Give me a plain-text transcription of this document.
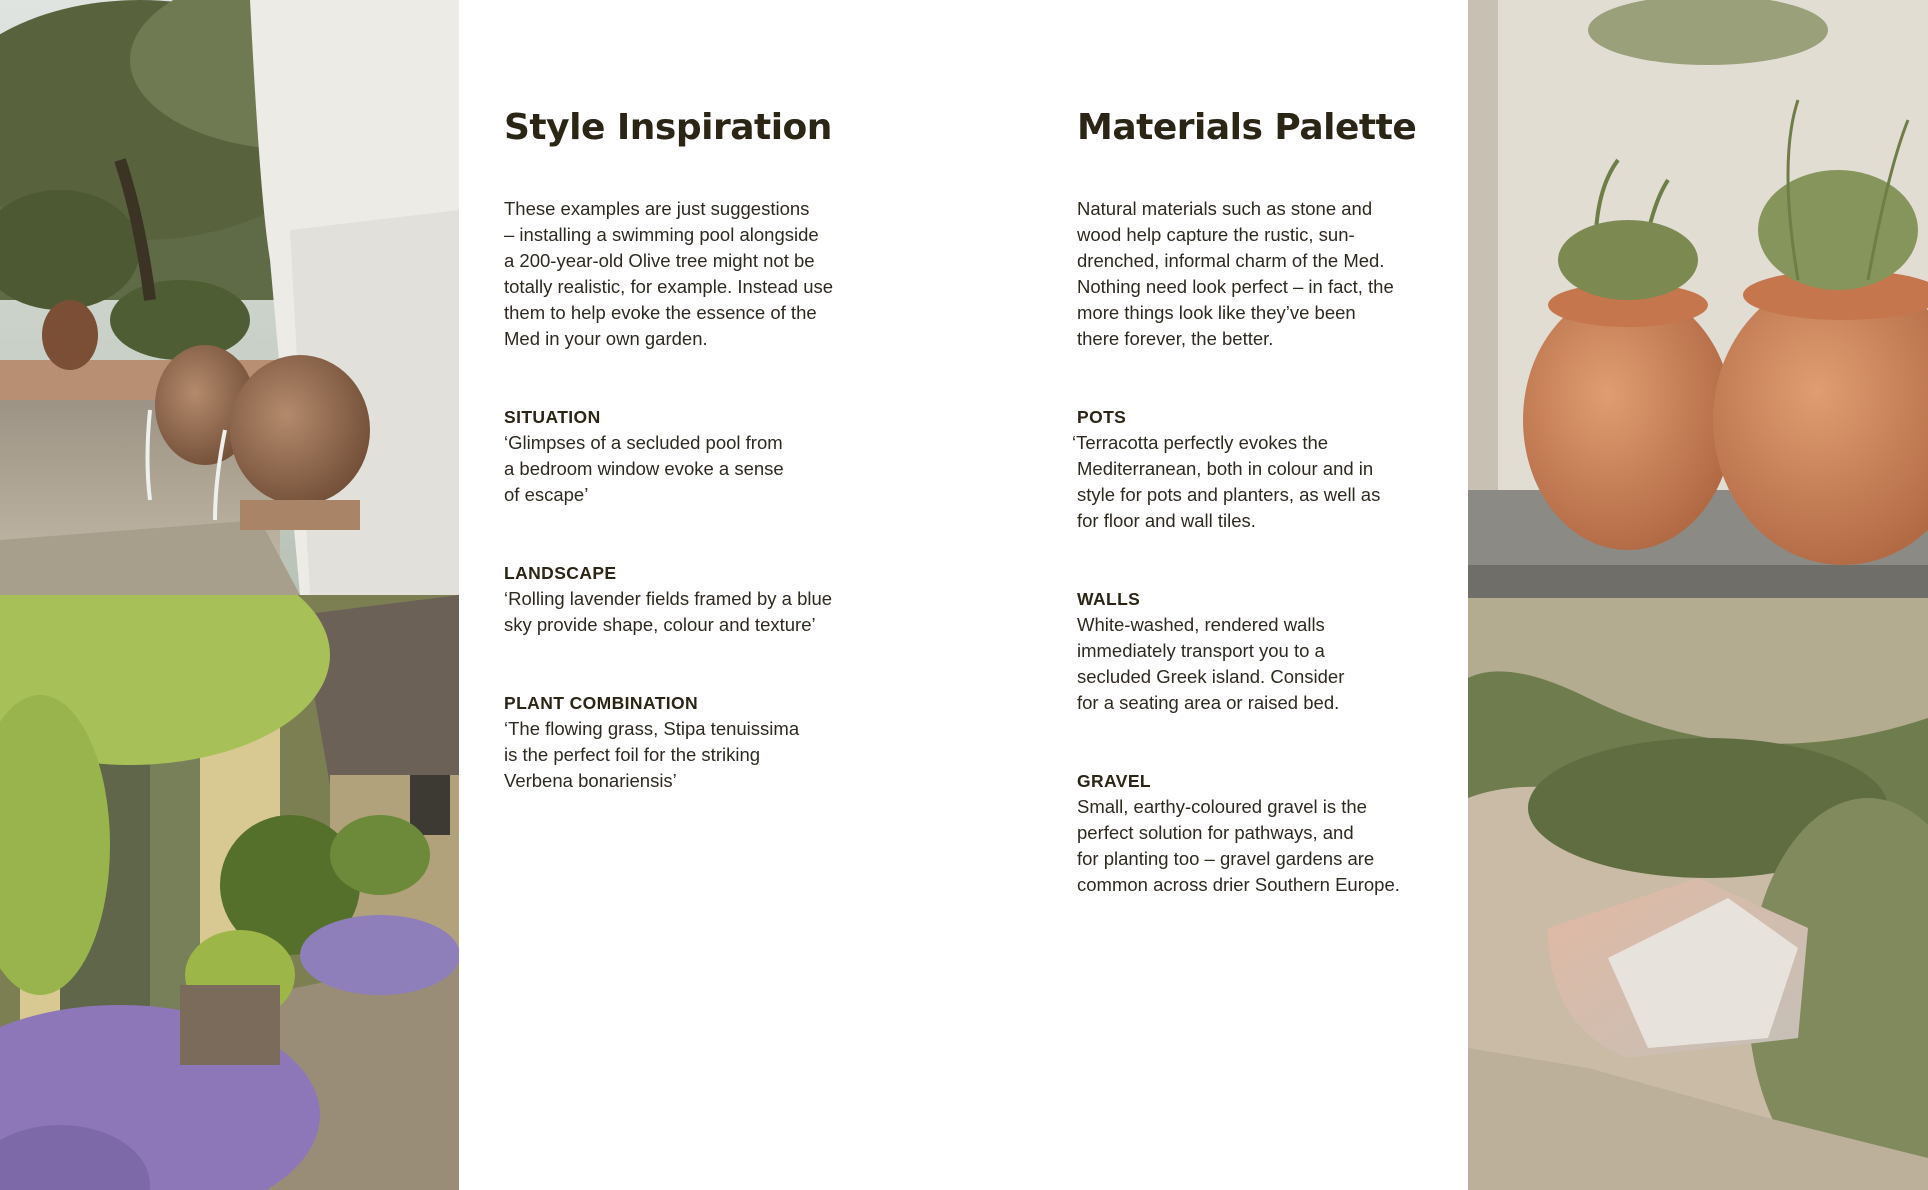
Style Inspiration

These examples are just suggestions
– installing a swimming pool alongside
a 200-year-old Olive tree might not be
totally realistic, for example. Instead use
them to help evoke the essence of the
Med in your own garden.

SITUATION
‘Glimpses of a secluded pool from
a bedroom window evoke a sense
of escape’
LANDSCAPE
‘Rolling lavender fields framed by a blue
sky provide shape, colour and texture’
PLANT COMBINATION
‘The flowing grass, Stipa tenuissima
is the perfect foil for the striking
Verbena bonariensis’
Materials Palette

Natural materials such as stone and
wood help capture the rustic, sun-
drenched, informal charm of the Med.
Nothing need look perfect – in fact, the
more things look like they’ve been
there forever, the better.

POTS
‘Terracotta perfectly evokes the
Mediterranean, both in colour and in
style for pots and planters, as well as
for floor and wall tiles.
WALLS
White-washed, rendered walls
immediately transport you to a
secluded Greek island. Consider
for a seating area or raised bed.
GRAVEL
Small, earthy-coloured gravel is the
perfect solution for pathways, and
for planting too – gravel gardens are
common across drier Southern Europe.
